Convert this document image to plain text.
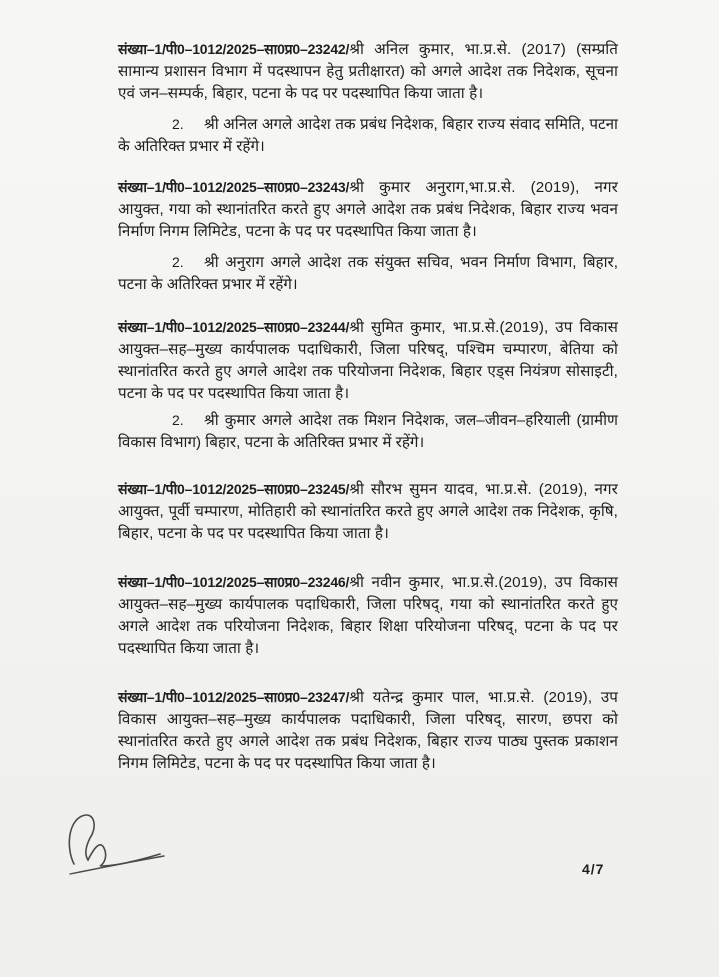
संख्या–1/पी0–1012/2025–सा0प्र0–23242/श्री अनिल कुमार, भा.प्र.से. (2017) (सम्प्रति सामान्य प्रशासन विभाग में पदस्थापन हेतु प्रतीक्षारत) को अगले आदेश तक निदेशक, सूचना एवं जन–सम्पर्क, बिहार, पटना के पद पर पदस्थापित किया जाता है।

2. श्री अनिल अगले आदेश तक प्रबंध निदेशक, बिहार राज्य संवाद समिति, पटना के अतिरिक्त प्रभार में रहेंगे।

संख्या–1/पी0–1012/2025–सा0प्र0–23243/श्री कुमार अनुराग,भा.प्र.से. (2019), नगर आयुक्त, गया को स्थानांतरित करते हुए अगले आदेश तक प्रबंध निदेशक, बिहार राज्य भवन निर्माण निगम लिमिटेड, पटना के पद पर पदस्थापित किया जाता है।

2. श्री अनुराग अगले आदेश तक संयुक्त सचिव, भवन निर्माण विभाग, बिहार, पटना के अतिरिक्त प्रभार में रहेंगे।

संख्या–1/पी0–1012/2025–सा0प्र0–23244/श्री सुमित कुमार, भा.प्र.से.(2019), उप विकास आयुक्त–सह–मुख्य कार्यपालक पदाधिकारी, जिला परिषद्, पश्चिम चम्पारण, बेतिया को स्थानांतरित करते हुए अगले आदेश तक परियोजना निदेशक, बिहार एड्स नियंत्रण सोसाइटी, पटना के पद पर पदस्थापित किया जाता है।

2. श्री कुमार अगले आदेश तक मिशन निदेशक, जल–जीवन–हरियाली (ग्रामीण विकास विभाग) बिहार, पटना के अतिरिक्त प्रभार में रहेंगे।

संख्या–1/पी0–1012/2025–सा0प्र0–23245/श्री सौरभ सुमन यादव, भा.प्र.से. (2019), नगर आयुक्त, पूर्वी चम्पारण, मोतिहारी को स्थानांतरित करते हुए अगले आदेश तक निदेशक, कृषि, बिहार, पटना के पद पर पदस्थापित किया जाता है।

संख्या–1/पी0–1012/2025–सा0प्र0–23246/श्री नवीन कुमार, भा.प्र.से.(2019), उप विकास आयुक्त–सह–मुख्य कार्यपालक पदाधिकारी, जिला परिषद्, गया को स्थानांतरित करते हुए अगले आदेश तक परियोजना निदेशक, बिहार शिक्षा परियोजना परिषद्, पटना के पद पर पदस्थापित किया जाता है।

संख्या–1/पी0–1012/2025–सा0प्र0–23247/श्री यतेन्द्र कुमार पाल, भा.प्र.से. (2019), उप विकास आयुक्त–सह–मुख्य कार्यपालक पदाधिकारी, जिला परिषद्, सारण, छपरा को स्थानांतरित करते हुए अगले आदेश तक प्रबंध निदेशक, बिहार राज्य पाठ्य पुस्तक प्रकाशन निगम लिमिटेड, पटना के पद पर पदस्थापित किया जाता है।

4/7
